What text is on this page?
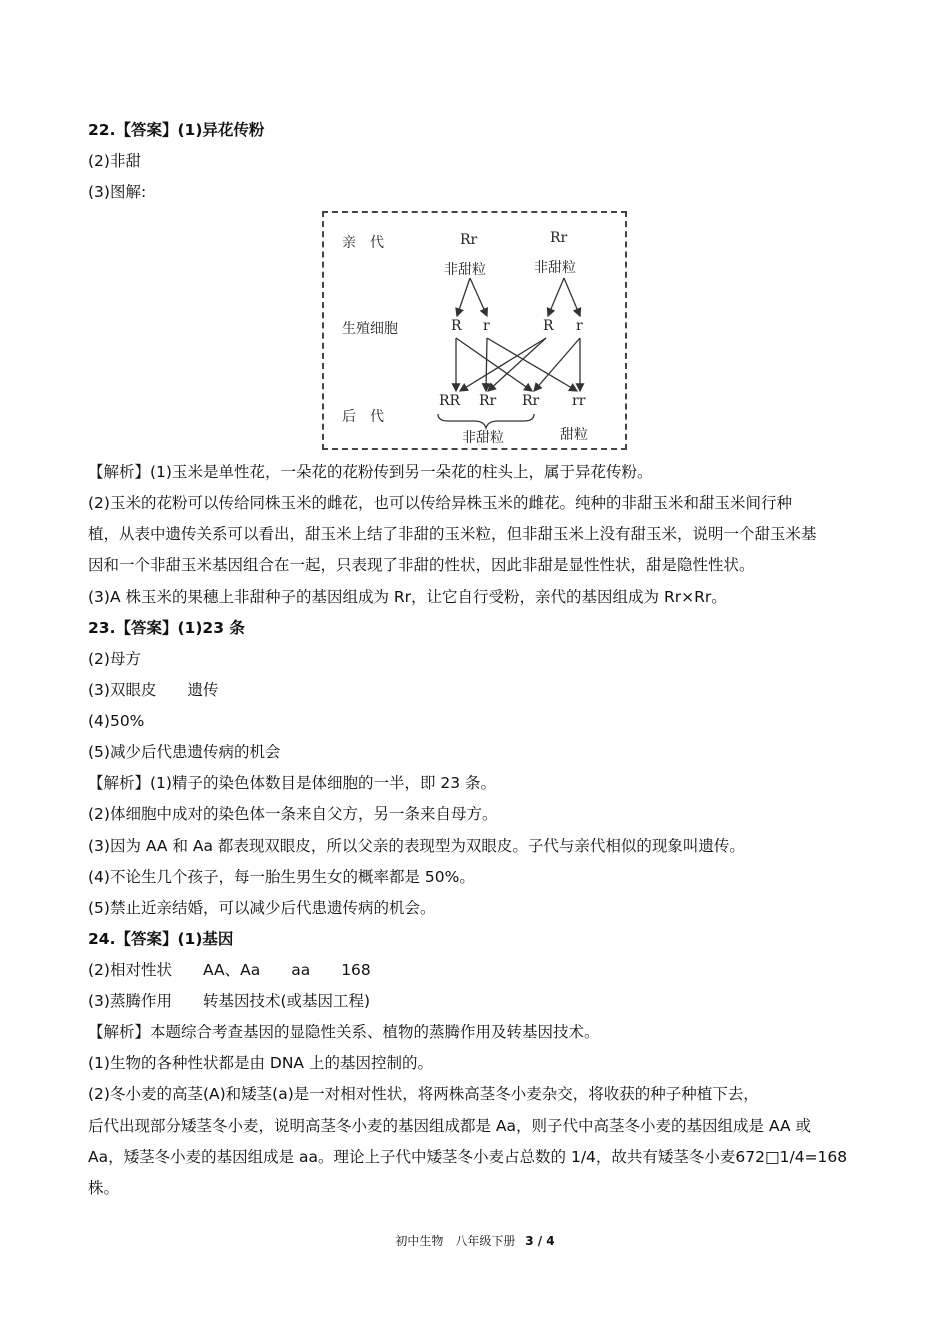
22.【答案】(1)异花传粉
(2)非甜
(3)图解:
亲　代
生殖细胞
后　代
Rr	Rr
非甜粒	非甜粒
R r	R r
RR Rr Rr rr
非甜粒	甜粒
【解析】(1)玉米是单性花，一朵花的花粉传到另一朵花的柱头上，属于异花传粉。
(2)玉米的花粉可以传给同株玉米的雌花，也可以传给异株玉米的雌花。纯种的非甜玉米和甜玉米间行种
植，从表中遗传关系可以看出，甜玉米上结了非甜的玉米粒，但非甜玉米上没有甜玉米，说明一个甜玉米基
因和一个非甜玉米基因组合在一起，只表现了非甜的性状，因此非甜是显性性状，甜是隐性性状。
(3)A 株玉米的果穗上非甜种子的基因组成为 Rr，让它自行受粉，亲代的基因组成为 Rr×Rr。
23.【答案】(1)23 条
(2)母方
(3)双眼皮　　遗传
(4)50%
(5)减少后代患遗传病的机会
【解析】(1)精子的染色体数目是体细胞的一半，即 23 条。
(2)体细胞中成对的染色体一条来自父方，另一条来自母方。
(3)因为 AA 和 Aa 都表现双眼皮，所以父亲的表现型为双眼皮。子代与亲代相似的现象叫遗传。
(4)不论生几个孩子，每一胎生男生女的概率都是 50%。
(5)禁止近亲结婚，可以减少后代患遗传病的机会。
24.【答案】(1)基因
(2)相对性状　　AA、Aa　　aa　　168
(3)蒸腾作用　　转基因技术(或基因工程)
【解析】本题综合考查基因的显隐性关系、植物的蒸腾作用及转基因技术。
(1)生物的各种性状都是由 DNA 上的基因控制的。
(2)冬小麦的高茎(A)和矮茎(a)是一对相对性状，将两株高茎冬小麦杂交，将收获的种子种植下去，
后代出现部分矮茎冬小麦，说明高茎冬小麦的基因组成都是 Aa，则子代中高茎冬小麦的基因组成是 AA 或
Aa，矮茎冬小麦的基因组成是 aa。理论上子代中矮茎冬小麦占总数的 1/4，故共有矮茎冬小麦672□1/4=168
株。
初中生物　八年级下册 3 / 4
